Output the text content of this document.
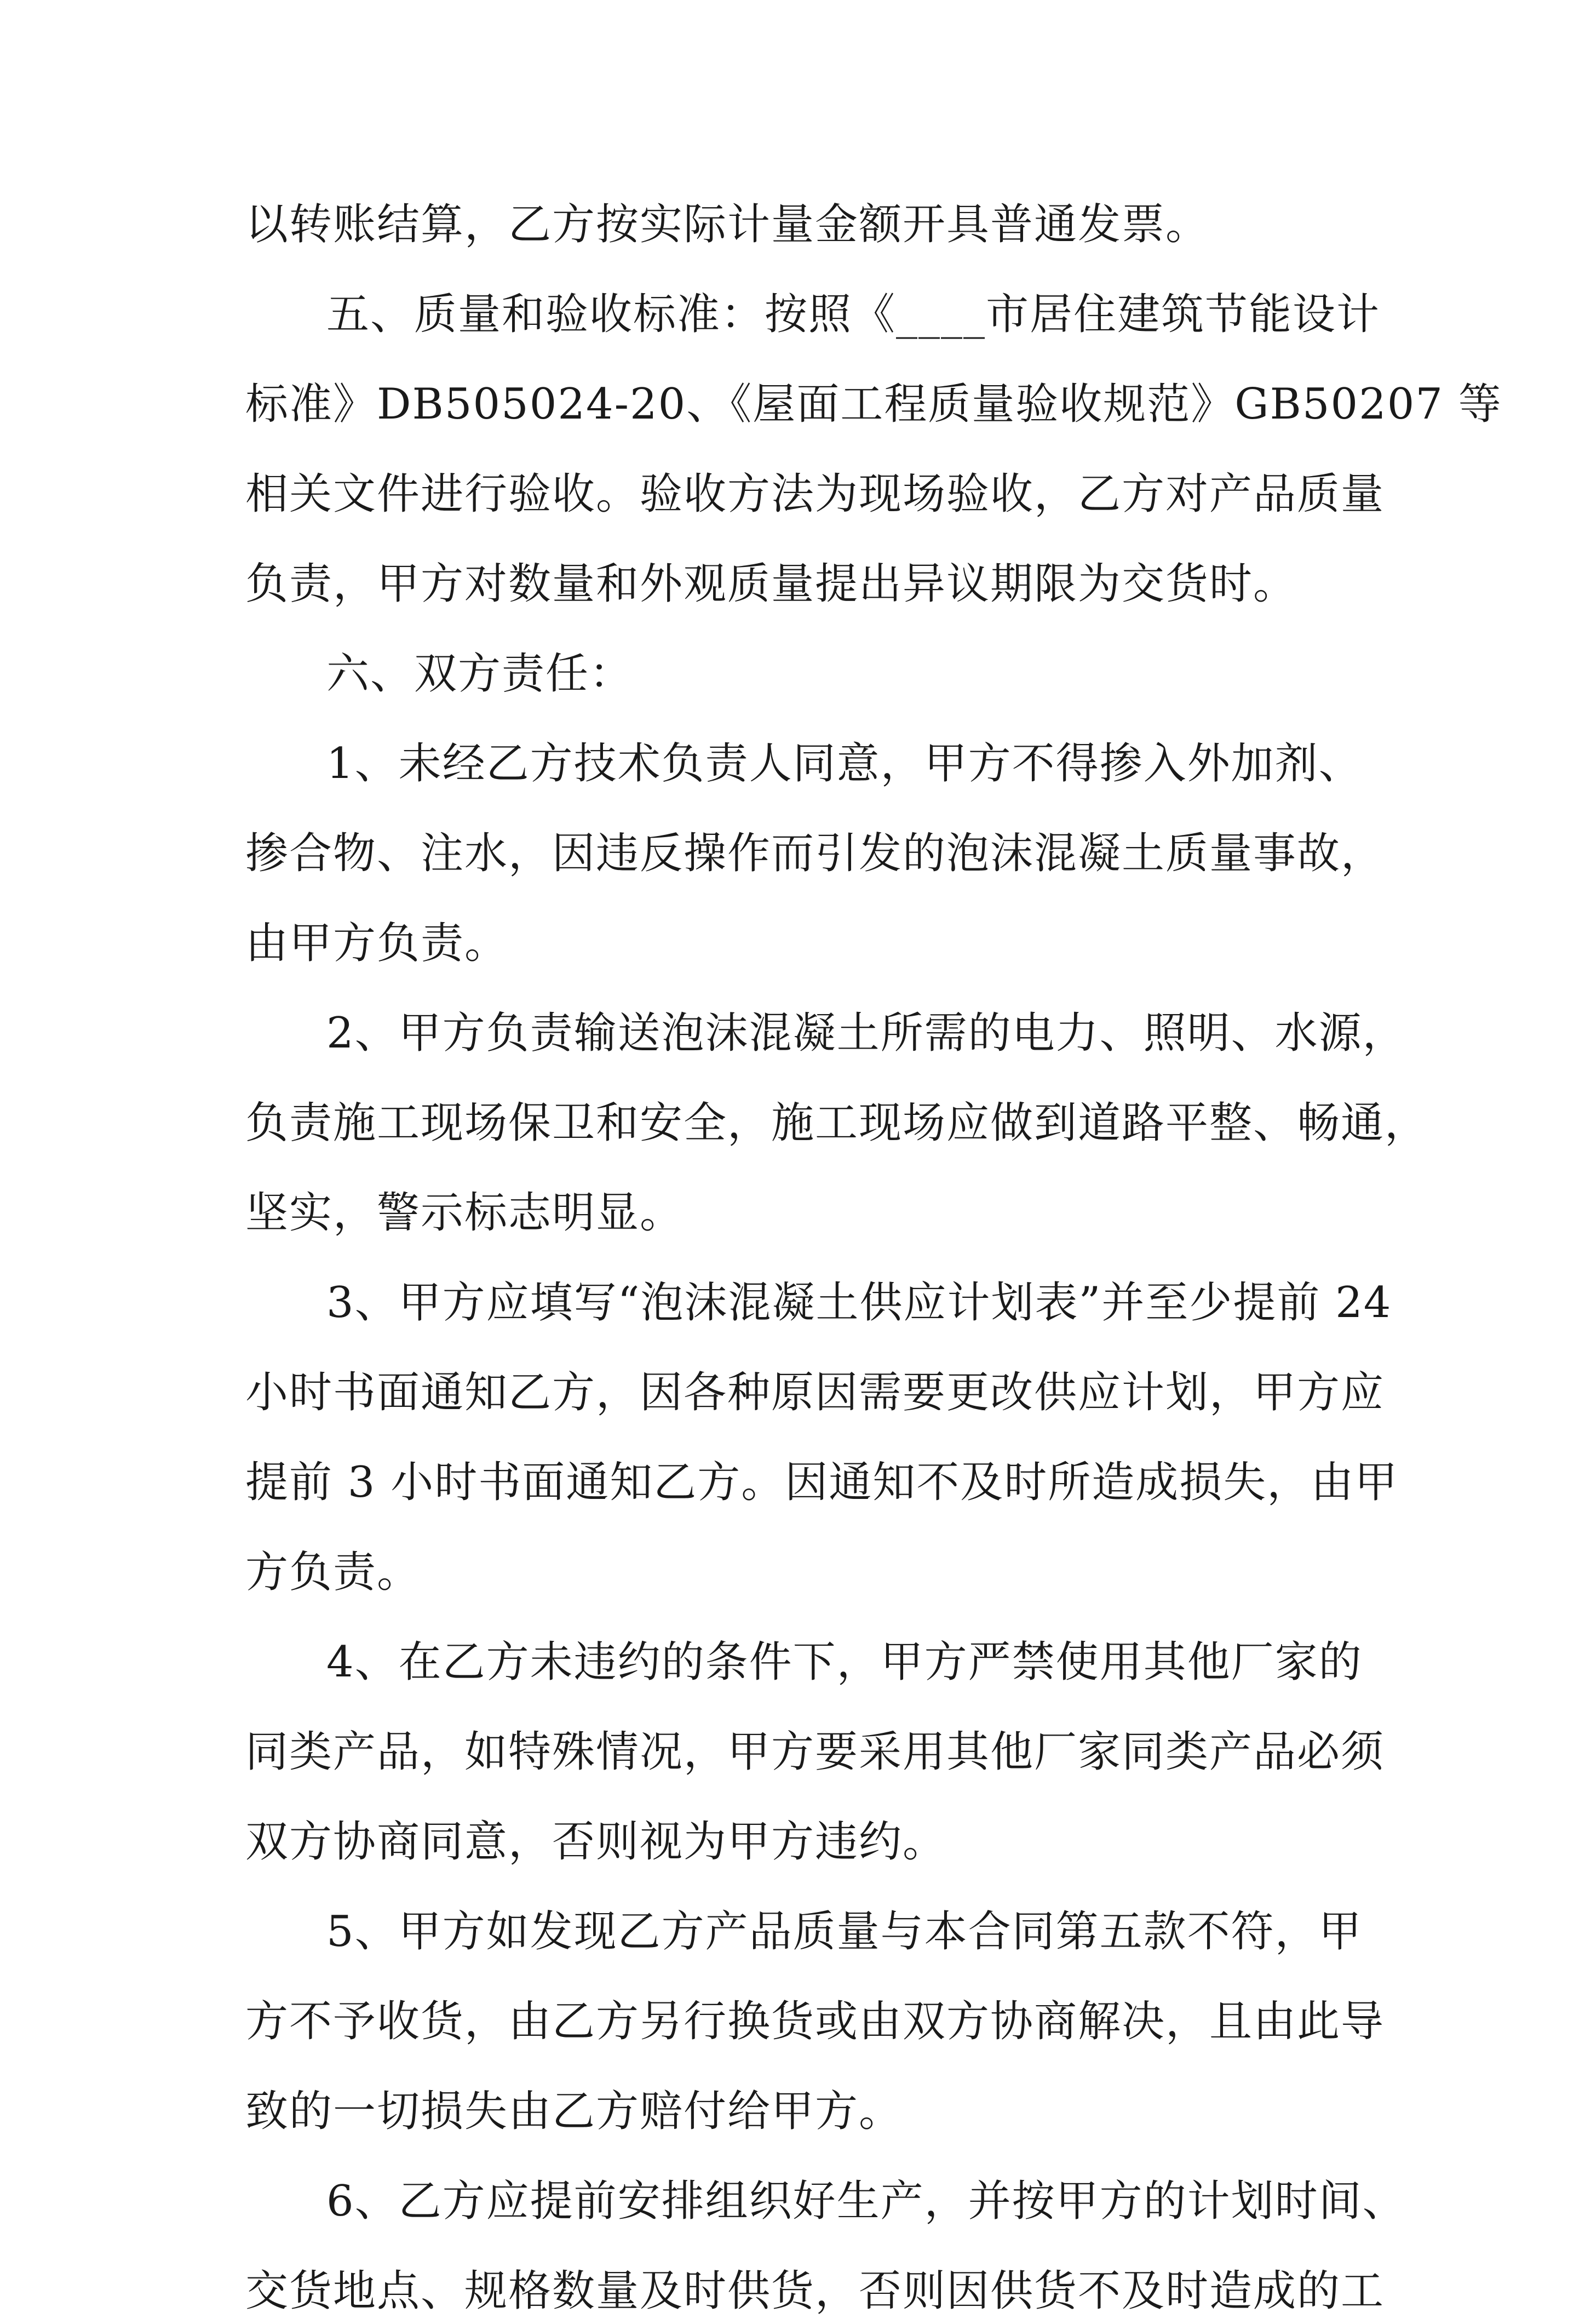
以转账结算，乙方按实际计量金额开具普通发票。
五、质量和验收标准：按照《____市居住建筑节能设计
标准》DB505024-20、《屋面工程质量验收规范》GB50207 等
相关文件进行验收。验收方法为现场验收，乙方对产品质量
负责，甲方对数量和外观质量提出异议期限为交货时。
六、双方责任：
1、未经乙方技术负责人同意，甲方不得掺入外加剂、
掺合物、注水，因违反操作而引发的泡沫混凝土质量事故，
由甲方负责。
2、甲方负责输送泡沫混凝土所需的电力、照明、水源，
负责施工现场保卫和安全，施工现场应做到道路平整、畅通，
坚实，警示标志明显。
3、甲方应填写“泡沫混凝土供应计划表”并至少提前 24
小时书面通知乙方，因各种原因需要更改供应计划，甲方应
提前 3 小时书面通知乙方。因通知不及时所造成损失，由甲
方负责。
4、在乙方未违约的条件下，甲方严禁使用其他厂家的
同类产品，如特殊情况，甲方要采用其他厂家同类产品必须
双方协商同意，否则视为甲方违约。
5、甲方如发现乙方产品质量与本合同第五款不符，甲
方不予收货，由乙方另行换货或由双方协商解决，且由此导
致的一切损失由乙方赔付给甲方。
6、乙方应提前安排组织好生产，并按甲方的计划时间、
交货地点、规格数量及时供货，否则因供货不及时造成的工
